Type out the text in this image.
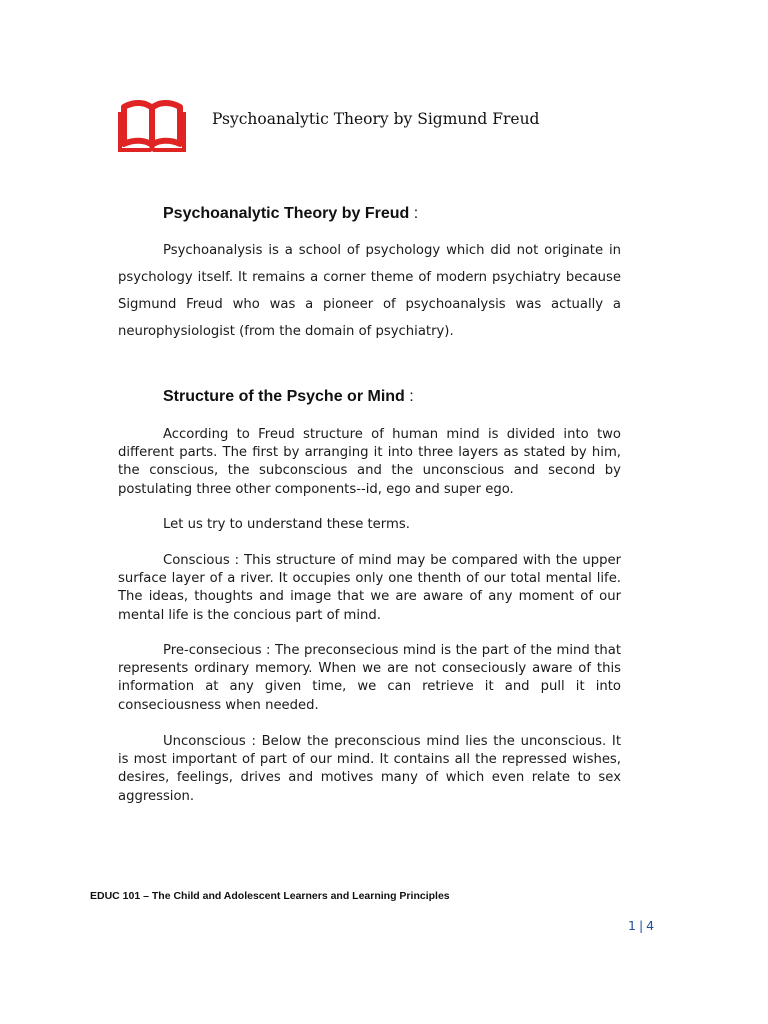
Psychoanalytic Theory by Sigmund Freud
Psychoanalytic Theory by Freud :

Psychoanalysis is a school of psychology which did not originate in psychology itself. It remains a corner theme of modern psychiatry because Sigmund Freud who was a pioneer of psychoanalysis was actually a neurophysiologist (from the domain of psychiatry).

Structure of the Psyche or Mind :

According to Freud structure of human mind is divided into two different parts. The first by arranging it into three layers as stated by him, the conscious, the subconscious and the unconscious and second by postulating three other components--id, ego and super ego.

Let us try to understand these terms.

Conscious : This structure of mind may be compared with the upper surface layer of a river. It occupies only one thenth of our total mental life. The ideas, thoughts and image that we are aware of any moment of our mental life is the concious part of mind.

Pre-consecious : The preconsecious mind is the part of the mind that represents ordinary memory. When we are not conseciously aware of this information at any given time, we can retrieve it and pull it into conseciousness when needed.

Unconscious : Below the preconscious mind lies the unconscious. It is most important of part of our mind. It contains all the repressed wishes, desires, feelings, drives and motives many of which even relate to sex aggression.

EDUC 101 – The Child and Adolescent Learners and Learning Principles
1 | 4
